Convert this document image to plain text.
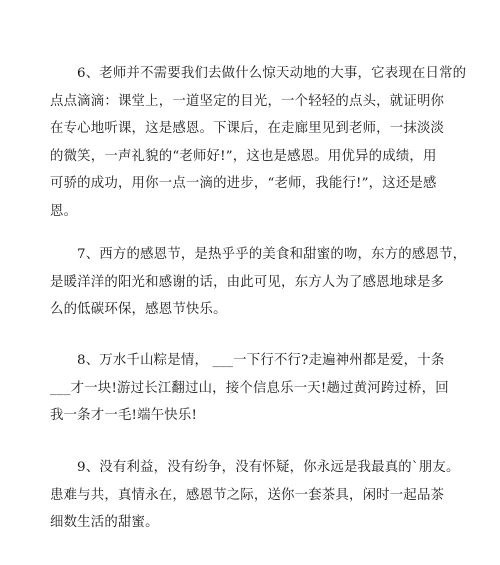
6、老师并不需要我们去做什么惊天动地的大事，它表现在日常的
点点滴滴：课堂上，一道坚定的目光，一个轻轻的点头，就证明你
在专心地听课，这是感恩。下课后，在走廊里见到老师，一抹淡淡
的微笑，一声礼貌的“老师好!”，这也是感恩。用优异的成绩，用
可骄的成功，用你一点一滴的进步，“老师，我能行!”，这还是感
恩。
7、西方的感恩节，是热乎乎的美食和甜蜜的吻，东方的感恩节，
是暖洋洋的阳光和感谢的话，由此可见，东方人为了感恩地球是多
么的低碳环保，感恩节快乐。
8、万水千山粽是情， ___一下行不行?走遍神州都是爱，十条
___才一块!游过长江翻过山，接个信息乐一天!趟过黄河跨过桥，回
我一条才一毛!端午快乐!
9、没有利益，没有纷争，没有怀疑，你永远是我最真的`朋友。
患难与共，真情永在，感恩节之际，送你一套茶具，闲时一起品茶
细数生活的甜蜜。
